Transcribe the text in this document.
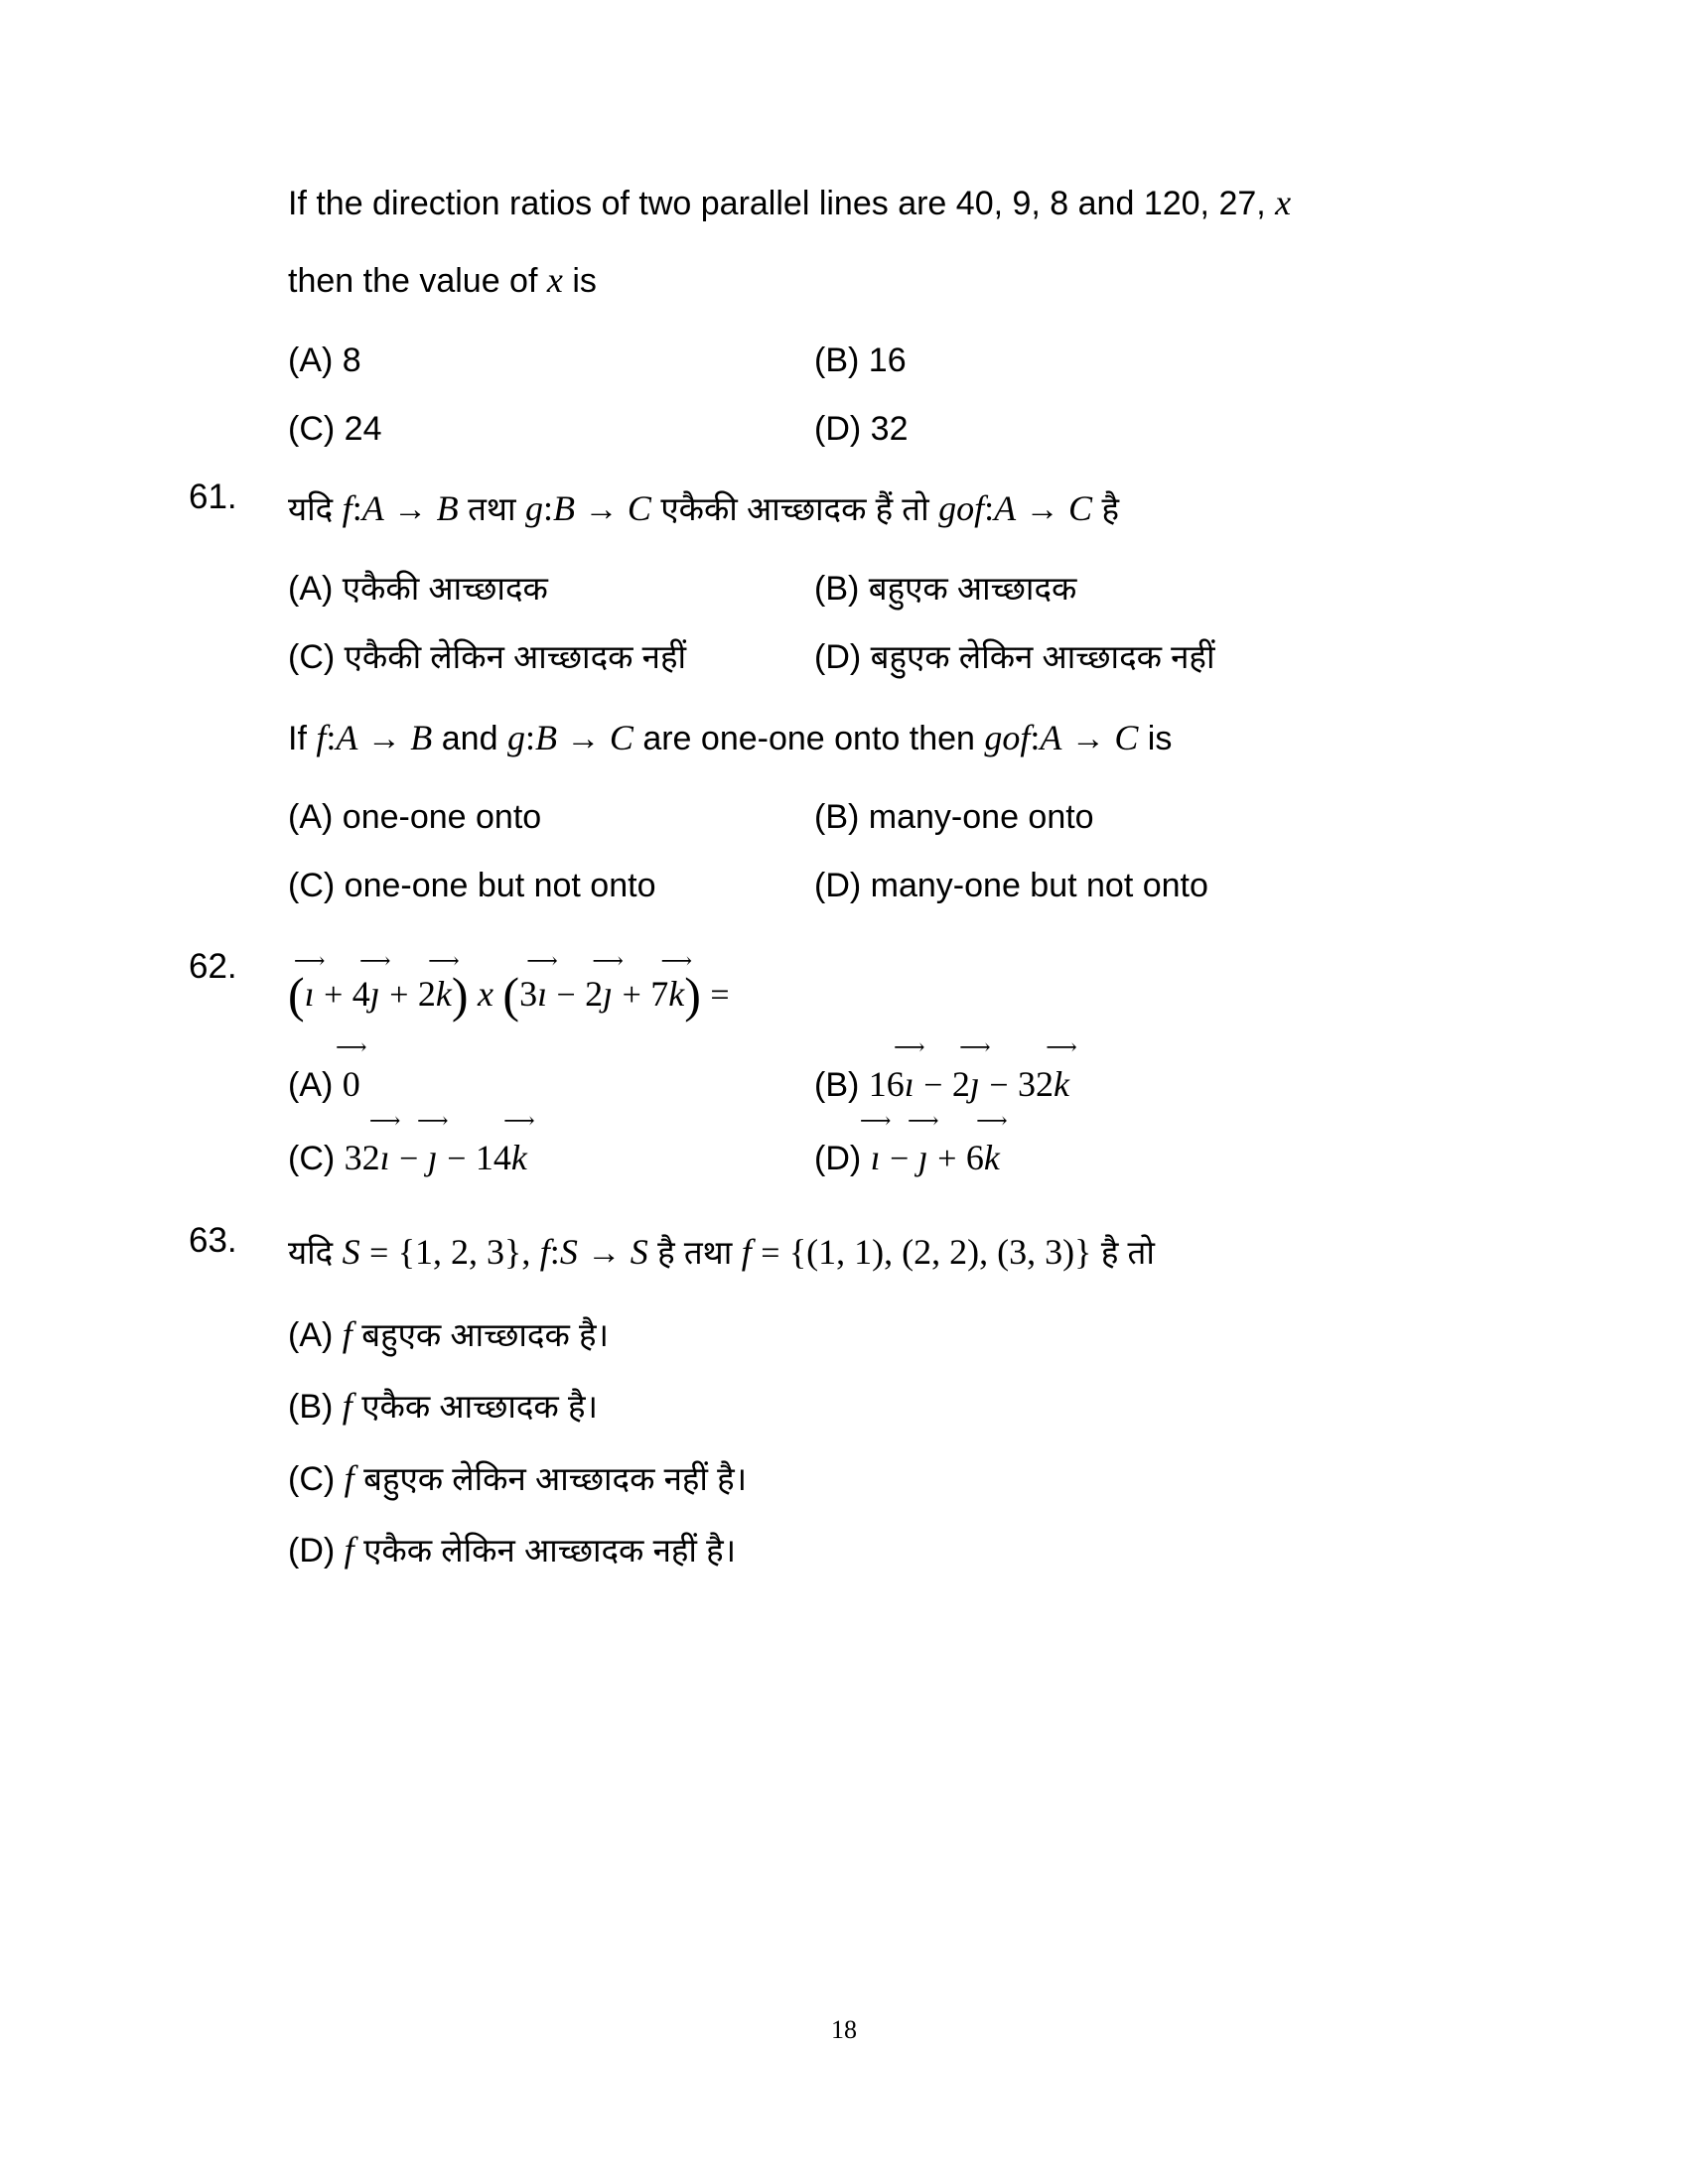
If the direction ratios of two parallel lines are 40, 9, 8 and 120, 27, x
then the value of x is
(A) 8	(B) 16
(C) 24	(D) 32
61.	यदि f:A → B तथा g:B → C एकैकी आच्छादक हैं तो gof:A → C है
(A) एकैकी आच्छादक	(B) बहुएक आच्छादक
(C) एकैकी लेकिन आच्छादक नहीं	(D) बहुएक लेकिन आच्छादक नहीं
If f:A → B and g:B → C are one-one onto then gof:A → C is
(A) one-one onto	(B) many-one onto
(C) one-one but not onto	(D) many-one but not onto
62.
(
⟶
ı + 4
⟶
ȷ + 2
⟶
k) x (3
⟶
ı − 2
⟶
ȷ + 7
⟶
k) =
(A)
⟶
0	(B) 16
⟶
ı − 2
⟶
ȷ − 32
⟶
k
(C) 32
⟶
ı −
⟶
ȷ − 14
⟶
k	(D)
⟶
ı −
⟶
ȷ + 6
⟶
k
63.	यदि S = {1, 2, 3}, f:S → S है तथा f = {(1, 1), (2, 2), (3, 3)} है तो
(A) f बहुएक आच्छादक है।
(B) f एकैक आच्छादक है।
(C) f बहुएक लेकिन आच्छादक नहीं है।
(D) f एकैक लेकिन आच्छादक नहीं है।
18
